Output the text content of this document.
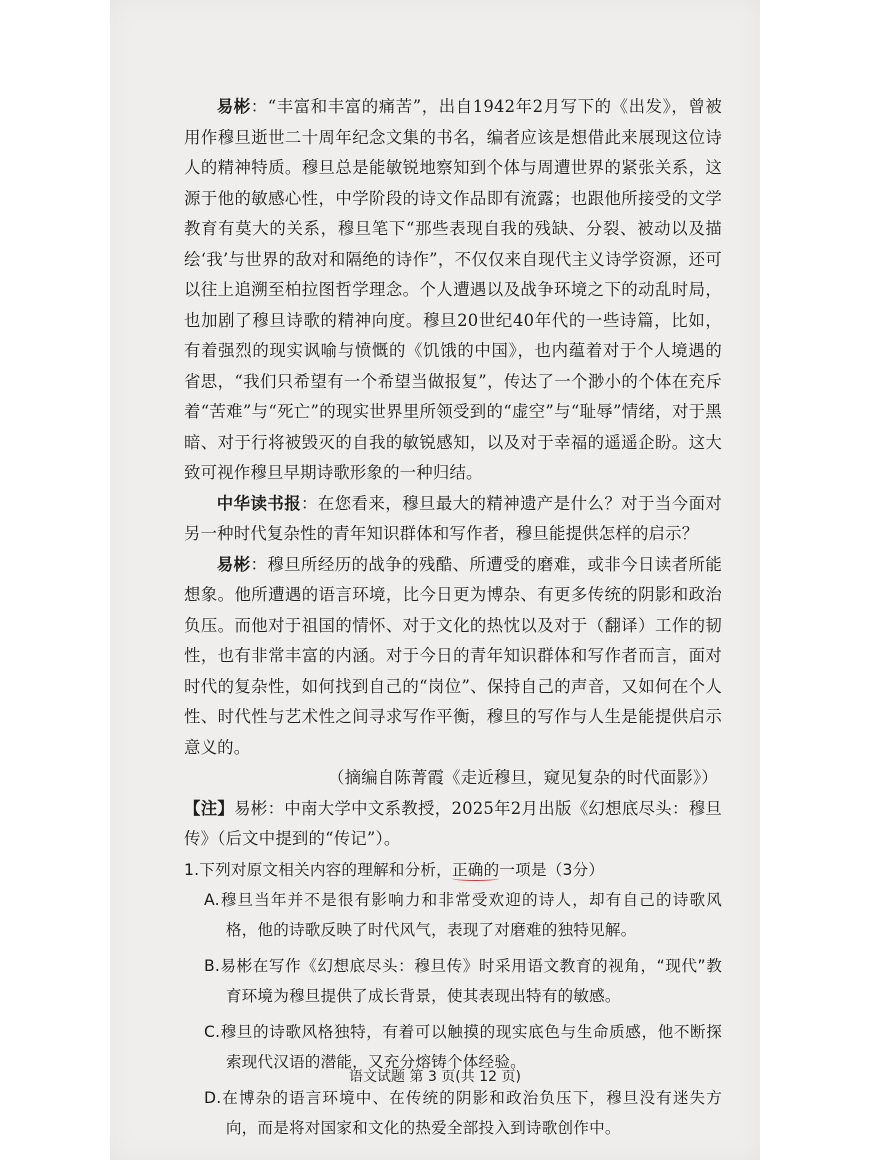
易彬：“丰富和丰富的痛苦”，出自1942年2月写下的《出发》，曾被用作穆旦逝世二十周年纪念文集的书名，编者应该是想借此来展现这位诗人的精神特质。穆旦总是能敏锐地察知到个体与周遭世界的紧张关系，这源于他的敏感心性，中学阶段的诗文作品即有流露；也跟他所接受的文学教育有莫大的关系，穆旦笔下“那些表现自我的残缺、分裂、被动以及描绘‘我’与世界的敌对和隔绝的诗作”，不仅仅来自现代主义诗学资源，还可以往上追溯至柏拉图哲学理念。个人遭遇以及战争环境之下的动乱时局，也加剧了穆旦诗歌的精神向度。穆旦20世纪40年代的一些诗篇，比如，有着强烈的现实讽喻与愤慨的《饥饿的中国》，也内蕴着对于个人境遇的省思，“我们只希望有一个希望当做报复”，传达了一个渺小的个体在充斥着“苦难”与“死亡”的现实世界里所领受到的“虚空”与“耻辱”情绪，对于黑暗、对于行将被毁灭的自我的敏锐感知，以及对于幸福的遥遥企盼。这大致可视作穆旦早期诗歌形象的一种归结。

中华读书报：在您看来，穆旦最大的精神遗产是什么？对于当今面对另一种时代复杂性的青年知识群体和写作者，穆旦能提供怎样的启示？

易彬：穆旦所经历的战争的残酷、所遭受的磨难，或非今日读者所能想象。他所遭遇的语言环境，比今日更为博杂、有更多传统的阴影和政治负压。而他对于祖国的情怀、对于文化的热忱以及对于（翻译）工作的韧性，也有非常丰富的内涵。对于今日的青年知识群体和写作者而言，面对时代的复杂性，如何找到自己的“岗位”、保持自己的声音，又如何在个人性、时代性与艺术性之间寻求写作平衡，穆旦的写作与人生是能提供启示意义的。

（摘编自陈菁霞《走近穆旦，窥见复杂的时代面影》）

【注】易彬：中南大学中文系教授，2025年2月出版《幻想底尽头：穆旦传》（后文中提到的“传记”）。

1.下列对原文相关内容的理解和分析，正确的一项是（3分）

A.穆旦当年并不是很有影响力和非常受欢迎的诗人，却有自己的诗歌风格，他的诗歌反映了时代风气，表现了对磨难的独特见解。
B.易彬在写作《幻想底尽头：穆旦传》时采用语文教育的视角，“现代”教育环境为穆旦提供了成长背景，使其表现出特有的敏感。
C.穆旦的诗歌风格独特，有着可以触摸的现实底色与生命质感，他不断探索现代汉语的潜能，又充分熔铸个体经验。
D.在博杂的语言环境中、在传统的阴影和政治负压下，穆旦没有迷失方向，而是将对国家和文化的热爱全部投入到诗歌创作中。
语文试题 第 3 页(共 12 页)
